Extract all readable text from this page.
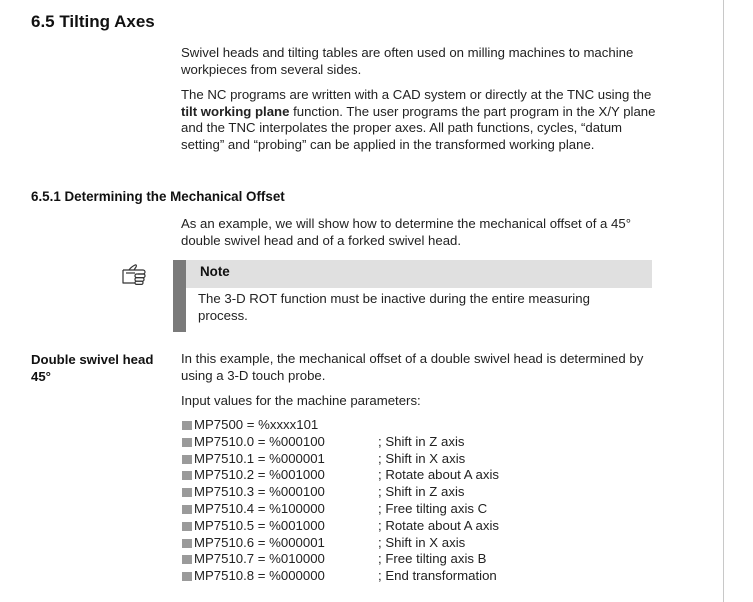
6.5 Tilting Axes
Swivel heads and tilting tables are often used on milling machines to machine workpieces from several sides.
The NC programs are written with a CAD system or directly at the TNC using the tilt working plane function. The user programs the part program in the X/Y plane and the TNC interpolates the proper axes. All path functions, cycles, “datum setting” and “probing” can be applied in the transformed working plane.
6.5.1 Determining the Mechanical Offset
As an example, we will show how to determine the mechanical offset of a 45° double swivel head and of a forked swivel head.
Note
The 3-D ROT function must be inactive during the entire measuring process.
Double swivel head 45°
In this example, the mechanical offset of a double swivel head is determined by using a 3-D touch probe.
Input values for the machine parameters:
MP7500 = %xxxx101
MP7510.0 = %000100	; Shift in Z axis
MP7510.1 = %000001	; Shift in X axis
MP7510.2 = %001000	; Rotate about A axis
MP7510.3 = %000100	; Shift in Z axis
MP7510.4 = %100000	; Free tilting axis C
MP7510.5 = %001000	; Rotate about A axis
MP7510.6 = %000001	; Shift in X axis
MP7510.7 = %010000	; Free tilting axis B
MP7510.8 = %000000	; End transformation
